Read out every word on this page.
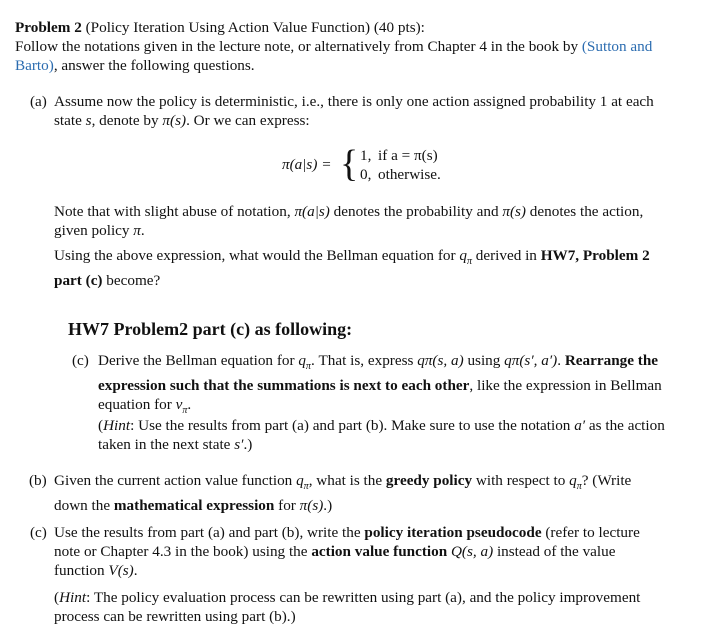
Problem 2 (Policy Iteration Using Action Value Function) (40 pts):
Follow the notations given in the lecture note, or alternatively from Chapter 4 in the book by (Sutton and
Barto), answer the following questions.
(a) Assume now the policy is deterministic, i.e., there is only one action assigned probability 1 at each
state s, denote by π(s). Or we can express:
π(a|s) = { 1, if a = π(s)
0, otherwise.
Note that with slight abuse of notation, π(a|s) denotes the probability and π(s) denotes the action,
given policy π.
Using the above expression, what would the Bellman equation for $q_\pi$ derived in HW7, Problem 2
part (c) become?
HW7 Problem2 part (c) as following:
(c) Derive the Bellman equation for $q_\pi$. That is, express qπ(s, a) using qπ(s′, a′). Rearrange the
expression such that the summations is next to each other, like the expression in Bellman
equation for $v_\pi$.
(Hint: Use the results from part (a) and part (b). Make sure to use the notation a′ as the action
taken in the next state s′.)
(b) Given the current action value function $q_\pi$, what is the greedy policy with respect to $q_\pi$? (Write
down the mathematical expression for π(s).)
(c) Use the results from part (a) and part (b), write the policy iteration pseudocode (refer to lecture
note or Chapter 4.3 in the book) using the action value function Q(s, a) instead of the value
function V(s).
(Hint: The policy evaluation process can be rewritten using part (a), and the policy improvement
process can be rewritten using part (b).)
